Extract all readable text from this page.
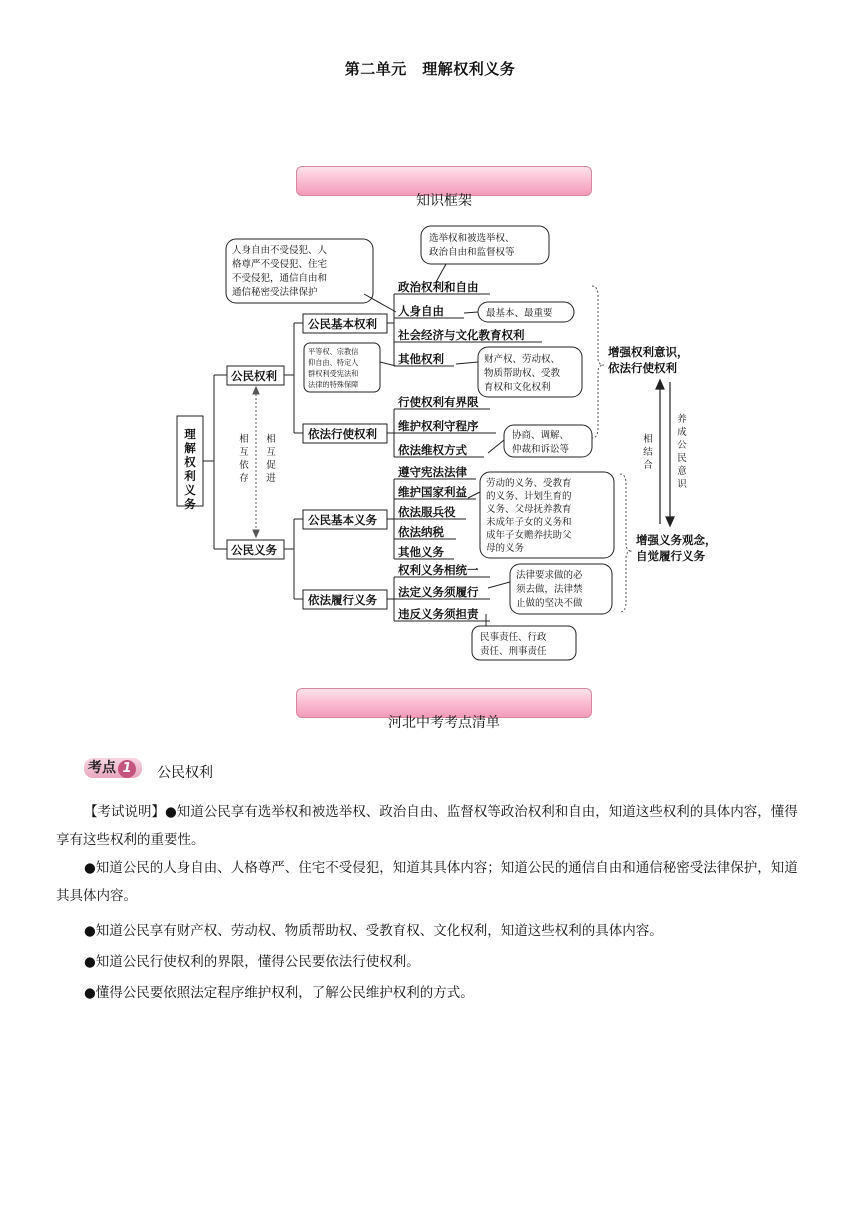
第二单元　理解权利义务
知识框架
理
解
权
利
义
务
公民权利
公民义务
公民基本权利
依法行使权利
公民基本义务
依法履行义务
相
互
依
存
相
互
促
进
政治权利和自由
人身自由
社会经济与文化教育权利
其他权利
行使权利有界限
维护权利守程序
依法维权方式
遵守宪法法律
维护国家利益
依法服兵役
依法纳税
其他义务
权利义务相统一
法定义务须履行
违反义务须担责
人身自由不受侵犯、人
格尊严不受侵犯、住宅
不受侵犯，通信自由和
通信秘密受法律保护
选举权和被选举权、
政治自由和监督权等
最基本、最重要
平等权、宗教信
仰自由、特定人
群权利受宪法和
法律的特殊保障
财产权、劳动权、
物质帮助权、受教
育权和文化权利
协商、调解、
仲裁和诉讼等
劳动的义务、受教育
的义务、计划生育的
义务、父母抚养教育
未成年子女的义务和
成年子女赡养扶助父
母的义务
法律要求做的必
须去做，法律禁
止做的坚决不做
民事责任、行政
责任、刑事责任
增强权利意识，
依法行使权利
增强义务观念，
自觉履行义务
相
结
合
养
成
公
民
意
识
河北中考考点清单
考点 1	公民权利

【考试说明】●知道公民享有选举权和被选举权、政治自由、监督权等政治权利和自由，知道这些权利的具体内容，懂得享有这些权利的重要性。

●知道公民的人身自由、人格尊严、住宅不受侵犯，知道其具体内容；知道公民的通信自由和通信秘密受法律保护，知道其具体内容。

●知道公民享有财产权、劳动权、物质帮助权、受教育权、文化权利，知道这些权利的具体内容。

●知道公民行使权利的界限，懂得公民要依法行使权利。

●懂得公民要依照法定程序维护权利，了解公民维护权利的方式。
